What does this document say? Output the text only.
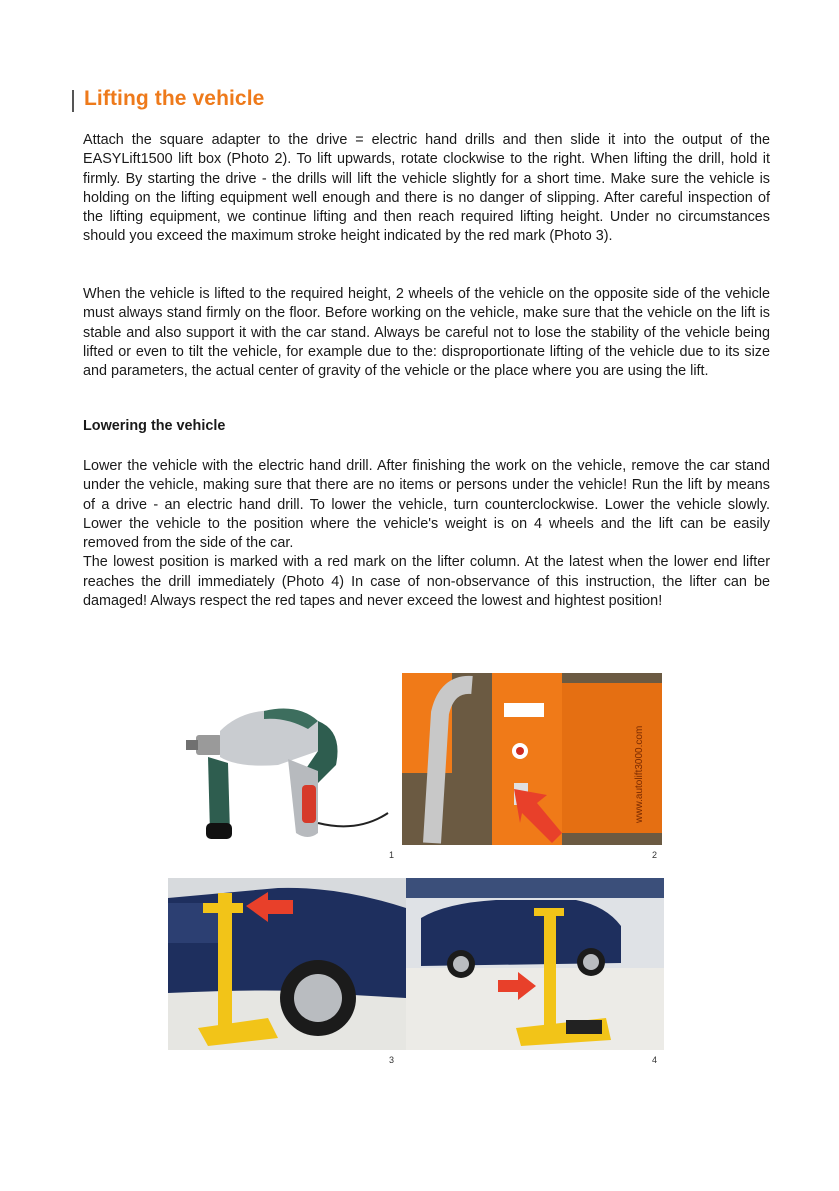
Lifting the vehicle

Attach the square adapter to the drive = electric hand drills and then slide it into the output of the EASYLift1500 lift box (Photo 2). To lift upwards, rotate clockwise to the right. When lifting the drill, hold it firmly. By starting the drive - the drills will lift the vehicle slightly for a short time. Make sure the vehicle is holding on the lifting equipment well enough and there is no danger of slipping. After careful inspection of the lifting equipment, we continue lifting and then reach required lifting height. Under no circumstances should you exceed the maximum stroke height indicated by the red mark (Photo 3).

When the vehicle is lifted to the required height, 2 wheels of the vehicle on the opposite side of the vehicle must always stand firmly on the floor. Before working on the vehicle, make sure that the vehicle on the lift is stable and also support it with the car stand. Always be careful not to lose the stability of the vehicle being lifted or even to tilt the vehicle, for example due to the: disproportionate lifting of the vehicle due to its size and parameters, the actual center of gravity of the vehicle or the place where you are using the lift.

Lowering the vehicle
Lower the vehicle with the electric hand drill. After finishing the work on the vehicle, remove the car stand under the vehicle, making sure that there are no items or persons under the vehicle! Run the lift by means of a drive - an electric hand drill. To lower the vehicle, turn counterclockwise. Lower the vehicle slowly. Lower the vehicle to the position where the vehicle's weight is on 4 wheels and the lift can be easily removed from the side of the car.
The lowest position is marked with a red mark on the lifter column. At the latest when the lower end lifter reaches the drill immediately (Photo 4) In case of non-observance of this instruction, the lifter can be damaged! Always respect the red tapes and never exceed the lowest and hightest position!
1
www.autolift3000.com
2
3	4
